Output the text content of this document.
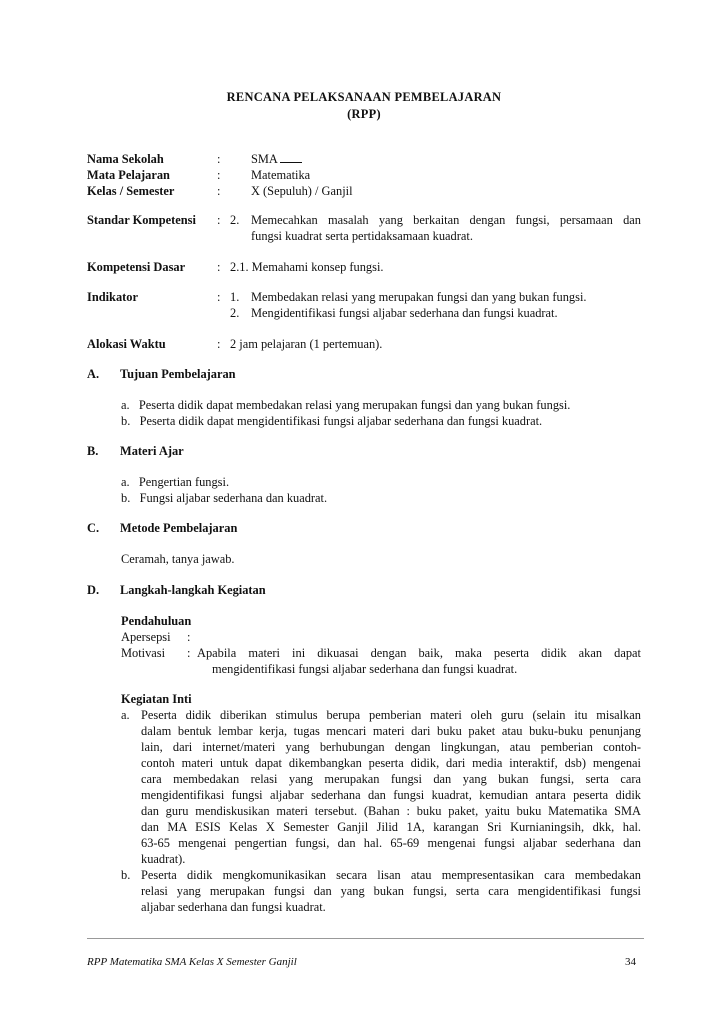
RENCANA PELAKSANAAN PEMBELAJARAN
(RPP)
Nama Sekolah	: SMA
Mata Pelajaran	: Matematika
Kelas / Semester	: X (Sepuluh) / Ganjil
Standar Kompetensi : 2. Memecahkan masalah yang berkaitan dengan fungsi, persamaan dan
fungsi kuadrat serta pertidaksamaan kuadrat.
Kompetensi Dasar	: 2.1. Memahami konsep fungsi.
Indikator	: 1. Membedakan relasi yang merupakan fungsi dan yang bukan fungsi.
2. Mengidentifikasi fungsi aljabar sederhana dan fungsi kuadrat.
Alokasi Waktu	: 2 jam pelajaran (1 pertemuan).
A. Tujuan Pembelajaran
a.   Peserta didik dapat membedakan relasi yang merupakan fungsi dan yang bukan fungsi.
b.   Peserta didik dapat mengidentifikasi fungsi aljabar sederhana dan fungsi kuadrat.
B. Materi Ajar
a.   Pengertian fungsi.
b.   Fungsi aljabar sederhana dan kuadrat.
C. Metode Pembelajaran
Ceramah, tanya jawab.
D. Langkah-langkah Kegiatan
Pendahuluan
Apersepsi :
Motivasi : Apabila materi ini dikuasai dengan baik, maka peserta didik akan dapat
mengidentifikasi fungsi aljabar sederhana dan fungsi kuadrat.
Kegiatan Inti
a. Peserta didik diberikan stimulus berupa pemberian materi oleh guru (selain itu misalkan
dalam bentuk lembar kerja, tugas mencari materi dari buku paket atau buku-buku penunjang
lain, dari internet/materi yang berhubungan dengan lingkungan, atau pemberian contoh-
contoh materi untuk dapat dikembangkan peserta didik, dari media interaktif, dsb) mengenai
cara membedakan relasi yang merupakan fungsi dan yang bukan fungsi, serta cara
mengidentifikasi fungsi aljabar sederhana dan fungsi kuadrat, kemudian antara peserta didik
dan guru mendiskusikan materi tersebut. (Bahan : buku paket, yaitu buku Matematika SMA
dan MA ESIS Kelas X Semester Ganjil Jilid 1A, karangan Sri Kurnianingsih, dkk, hal.
63-65 mengenai pengertian fungsi, dan hal. 65-69 mengenai fungsi aljabar sederhana dan
kuadrat).
b. Peserta didik mengkomunikasikan secara lisan atau mempresentasikan cara membedakan
relasi yang merupakan fungsi dan yang bukan fungsi, serta cara mengidentifikasi fungsi
aljabar sederhana dan fungsi kuadrat.
RPP Matematika SMA Kelas X Semester Ganjil	34
